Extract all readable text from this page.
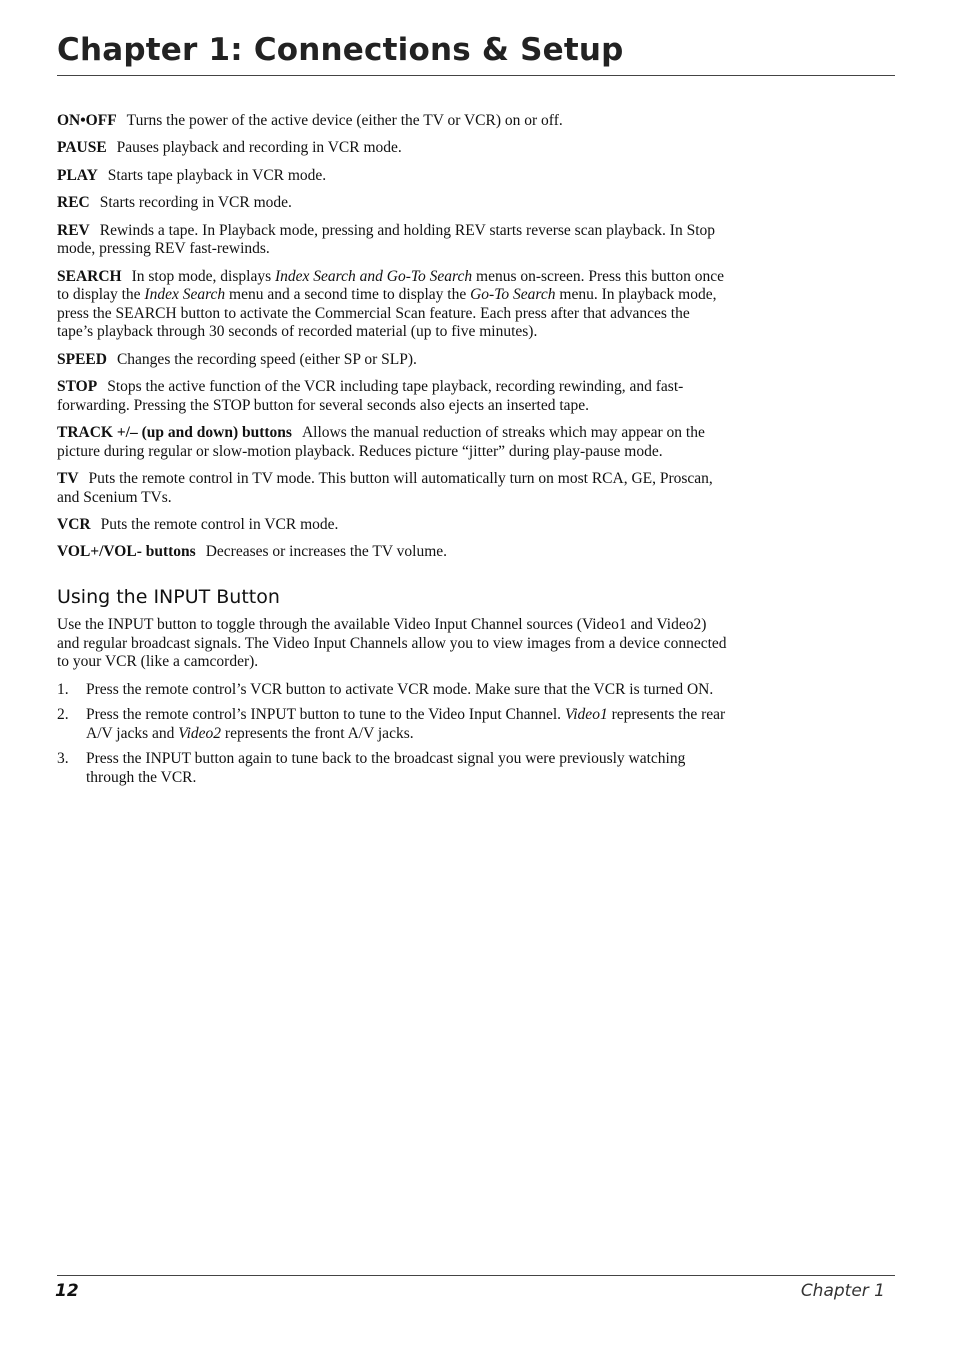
Chapter 1: Connections & Setup

ON•OFF Turns the power of the active device (either the TV or VCR) on or off.

PAUSE Pauses playback and recording in VCR mode.

PLAY Starts tape playback in VCR mode.

REC Starts recording in VCR mode.

REV Rewinds a tape. In Playback mode, pressing and holding REV starts reverse scan playback. In Stop mode, pressing REV fast-rewinds.

SEARCH In stop mode, displays Index Search and Go-To Search menus on-screen. Press this button once to display the Index Search menu and a second time to display the Go-To Search menu. In playback mode, press the SEARCH button to activate the Commercial Scan feature. Each press after that advances the tape’s playback through 30 seconds of recorded material (up to five minutes).

SPEED Changes the recording speed (either SP or SLP).

STOP Stops the active function of the VCR including tape playback, recording rewinding, and fast-forwarding. Pressing the STOP button for several seconds also ejects an inserted tape.

TRACK +/– (up and down) buttons Allows the manual reduction of streaks which may appear on the picture during regular or slow-motion playback. Reduces picture “jitter” during play-pause mode.

TV Puts the remote control in TV mode. This button will automatically turn on most RCA, GE, Proscan, and Scenium TVs.

VCR Puts the remote control in VCR mode.

VOL+/VOL- buttons Decreases or increases the TV volume.

Using the INPUT Button

Use the INPUT button to toggle through the available Video Input Channel sources (Video1 and Video2) and regular broadcast signals. The Video Input Channels allow you to view images from a device connected to your VCR (like a camcorder).

1. Press the remote control’s VCR button to activate VCR mode. Make sure that the VCR is turned ON.
2. Press the remote control’s INPUT button to tune to the Video Input Channel. Video1 represents the rear A/V jacks and Video2 represents the front A/V jacks.
3. Press the INPUT button again to tune back to the broadcast signal you were previously watching through the VCR.
12	Chapter 1
